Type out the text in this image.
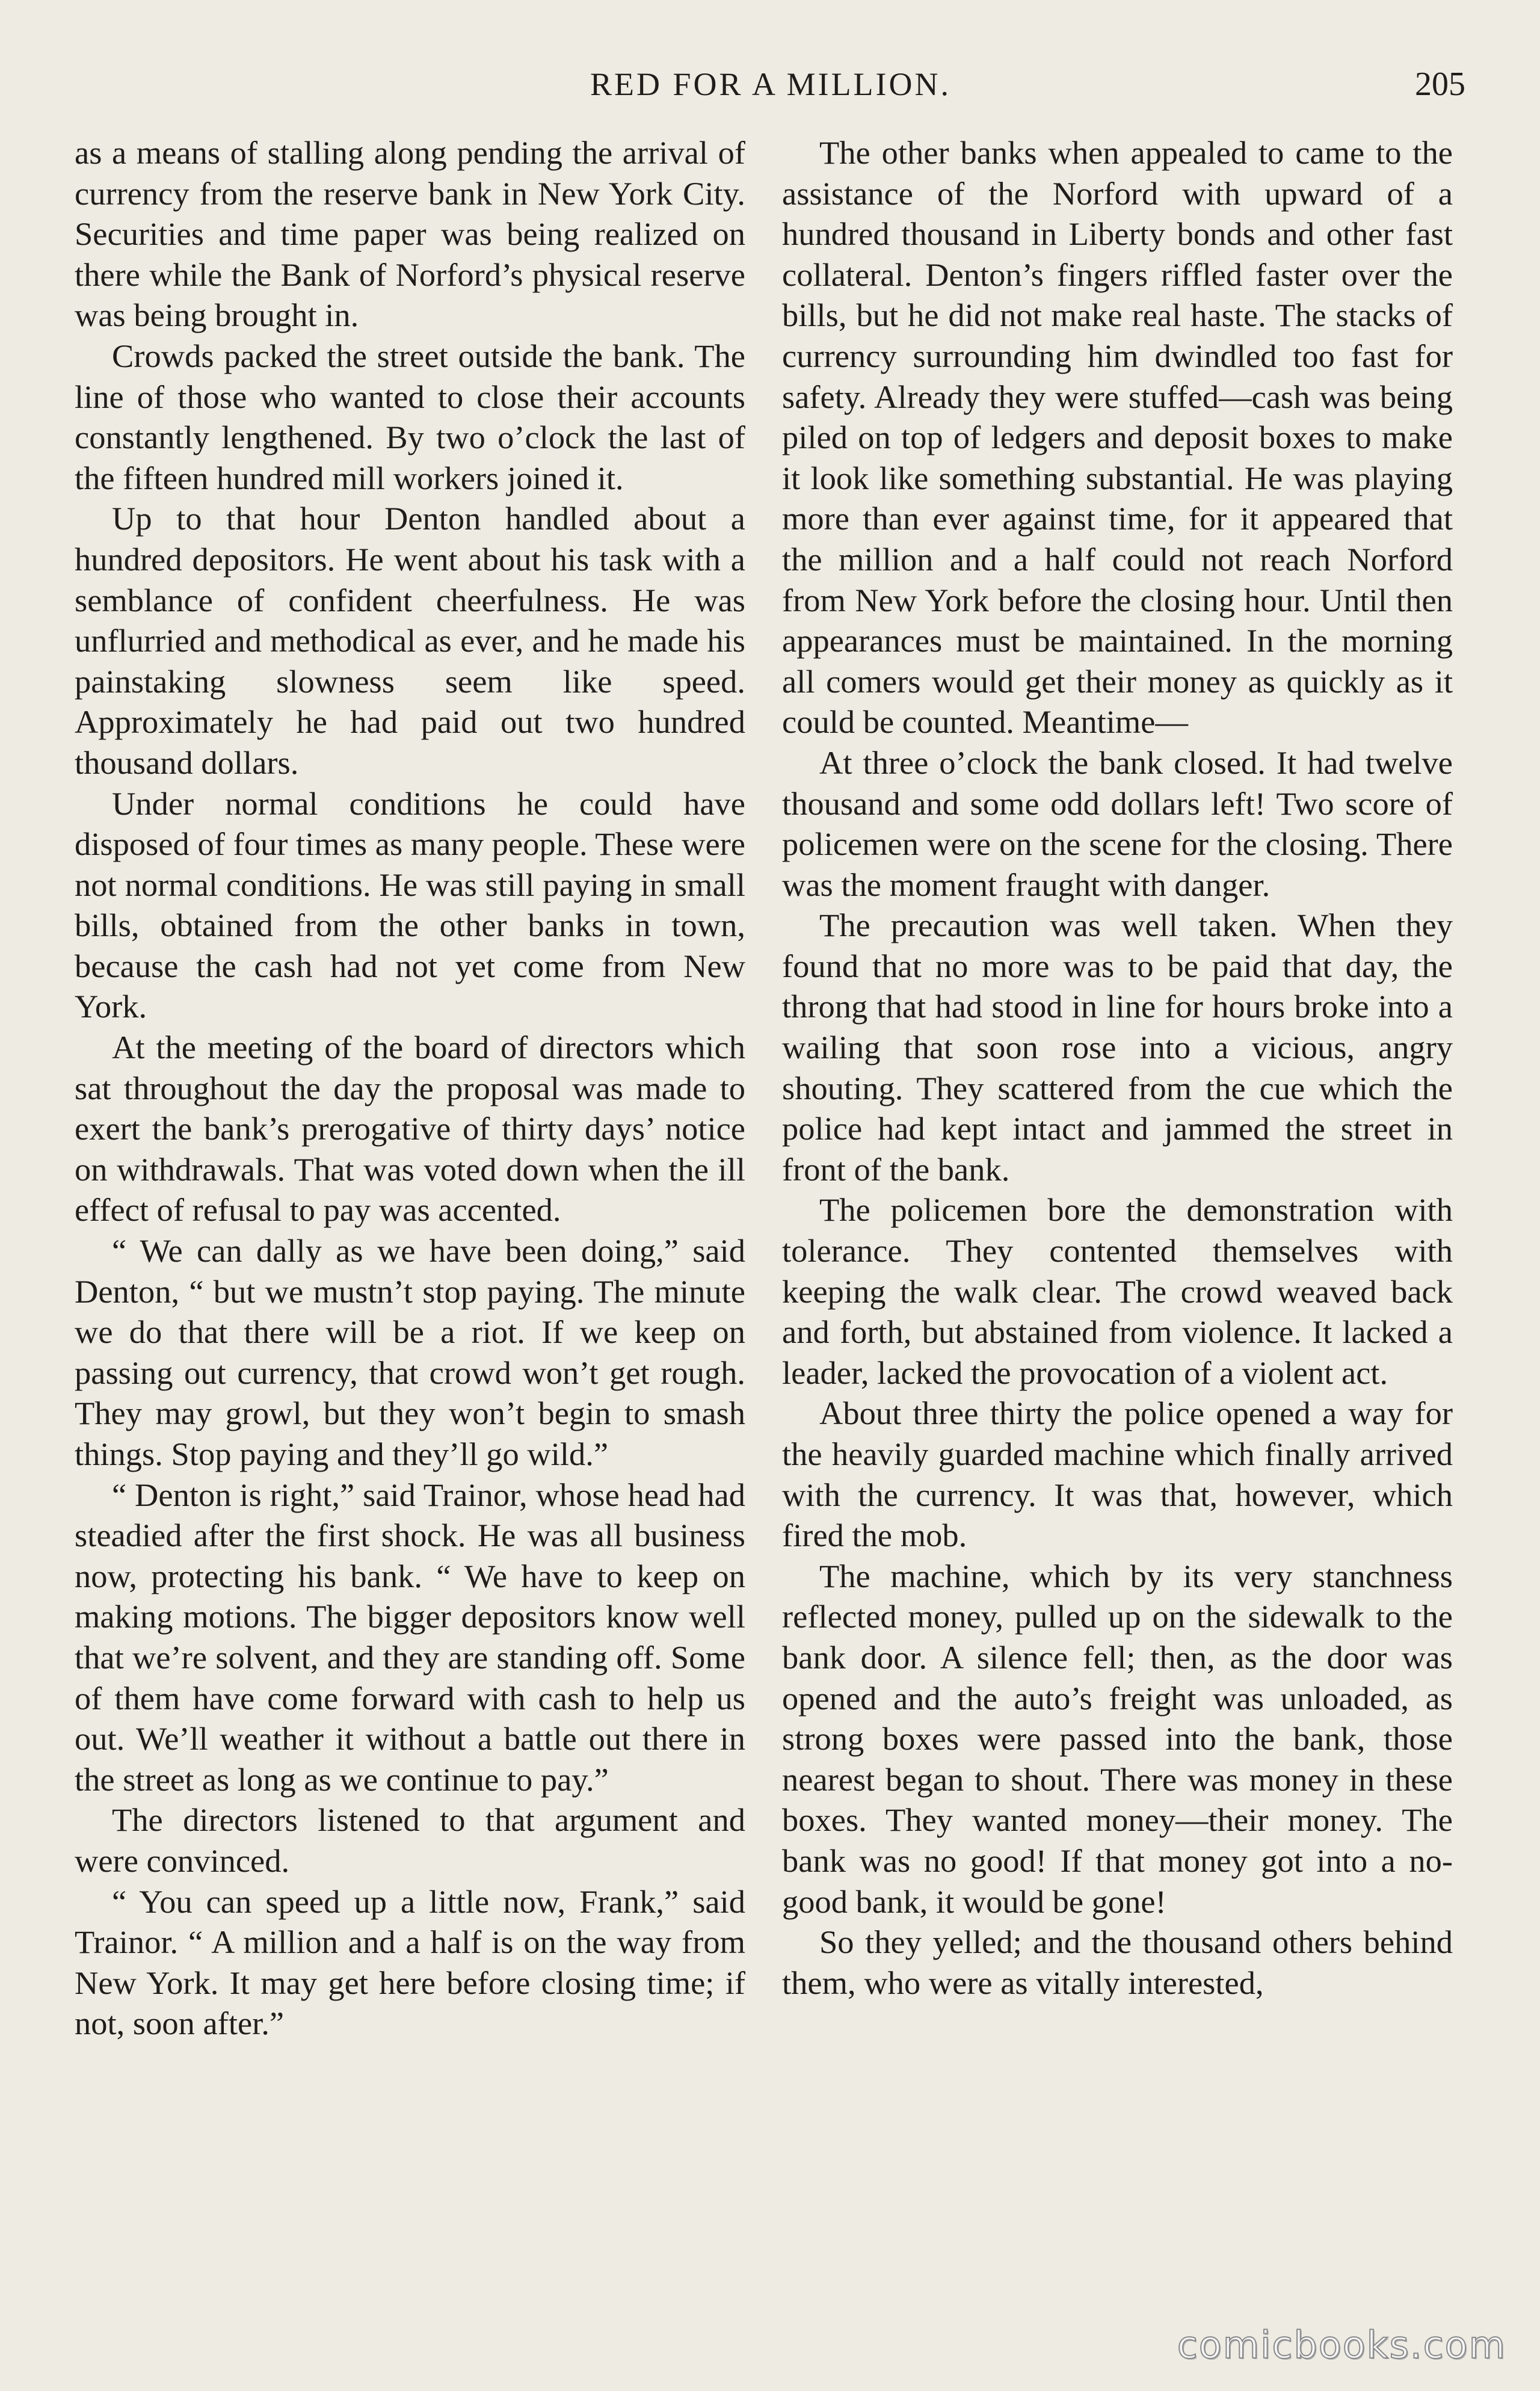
RED FOR A MILLION.	205

as a means of stalling along pending the arrival of currency from the reserve bank in New York City. Securities and time paper was being realized on there while the Bank of Norford’s physical reserve was being brought in.

Crowds packed the street outside the bank. The line of those who wanted to close their accounts constantly lengthened. By two o’clock the last of the fifteen hundred mill workers joined it.

Up to that hour Denton handled about a hundred depositors. He went about his task with a semblance of confident cheerfulness. He was unflurried and methodical as ever, and he made his painstaking slowness seem like speed. Approximately he had paid out two hundred thousand dollars.

Under normal conditions he could have disposed of four times as many people. These were not normal conditions. He was still paying in small bills, obtained from the other banks in town, because the cash had not yet come from New York.

At the meeting of the board of directors which sat throughout the day the proposal was made to exert the bank’s prerogative of thirty days’ notice on withdrawals. That was voted down when the ill effect of refusal to pay was accented.

“ We can dally as we have been doing,” said Denton, “ but we mustn’t stop paying. The minute we do that there will be a riot. If we keep on passing out currency, that crowd won’t get rough. They may growl, but they won’t begin to smash things. Stop paying and they’ll go wild.”

“ Denton is right,” said Trainor, whose head had steadied after the first shock. He was all business now, protecting his bank. “ We have to keep on making motions. The bigger depositors know well that we’re solvent, and they are standing off. Some of them have come forward with cash to help us out. We’ll weather it without a battle out there in the street as long as we continue to pay.”

The directors listened to that argument and were convinced.

“ You can speed up a little now, Frank,” said Trainor. “ A million and a half is on the way from New York. It may get here before closing time; if not, soon after.”

The other banks when appealed to came to the assistance of the Norford with upward of a hundred thousand in Liberty bonds and other fast collateral. Denton’s fingers riffled faster over the bills, but he did not make real haste. The stacks of currency surrounding him dwindled too fast for safety. Already they were stuffed—cash was being piled on top of ledgers and deposit boxes to make it look like something substantial. He was playing more than ever against time, for it appeared that the million and a half could not reach Norford from New York before the closing hour. Until then appearances must be maintained. In the morning all comers would get their money as quickly as it could be counted. Meantime—

At three o’clock the bank closed. It had twelve thousand and some odd dollars left! Two score of policemen were on the scene for the closing. There was the moment fraught with danger.

The precaution was well taken. When they found that no more was to be paid that day, the throng that had stood in line for hours broke into a wailing that soon rose into a vicious, angry shouting. They scattered from the cue which the police had kept intact and jammed the street in front of the bank.

The policemen bore the demonstration with tolerance. They contented themselves with keeping the walk clear. The crowd weaved back and forth, but abstained from violence. It lacked a leader, lacked the provocation of a violent act.

About three thirty the police opened a way for the heavily guarded machine which finally arrived with the currency. It was that, however, which fired the mob.

The machine, which by its very stanchness reflected money, pulled up on the sidewalk to the bank door. A silence fell; then, as the door was opened and the auto’s freight was unloaded, as strong boxes were passed into the bank, those nearest began to shout. There was money in these boxes. They wanted money—their money. The bank was no good! If that money got into a no-good bank, it would be gone!

So they yelled; and the thousand others behind them, who were as vitally interested,

comicbooks.com
